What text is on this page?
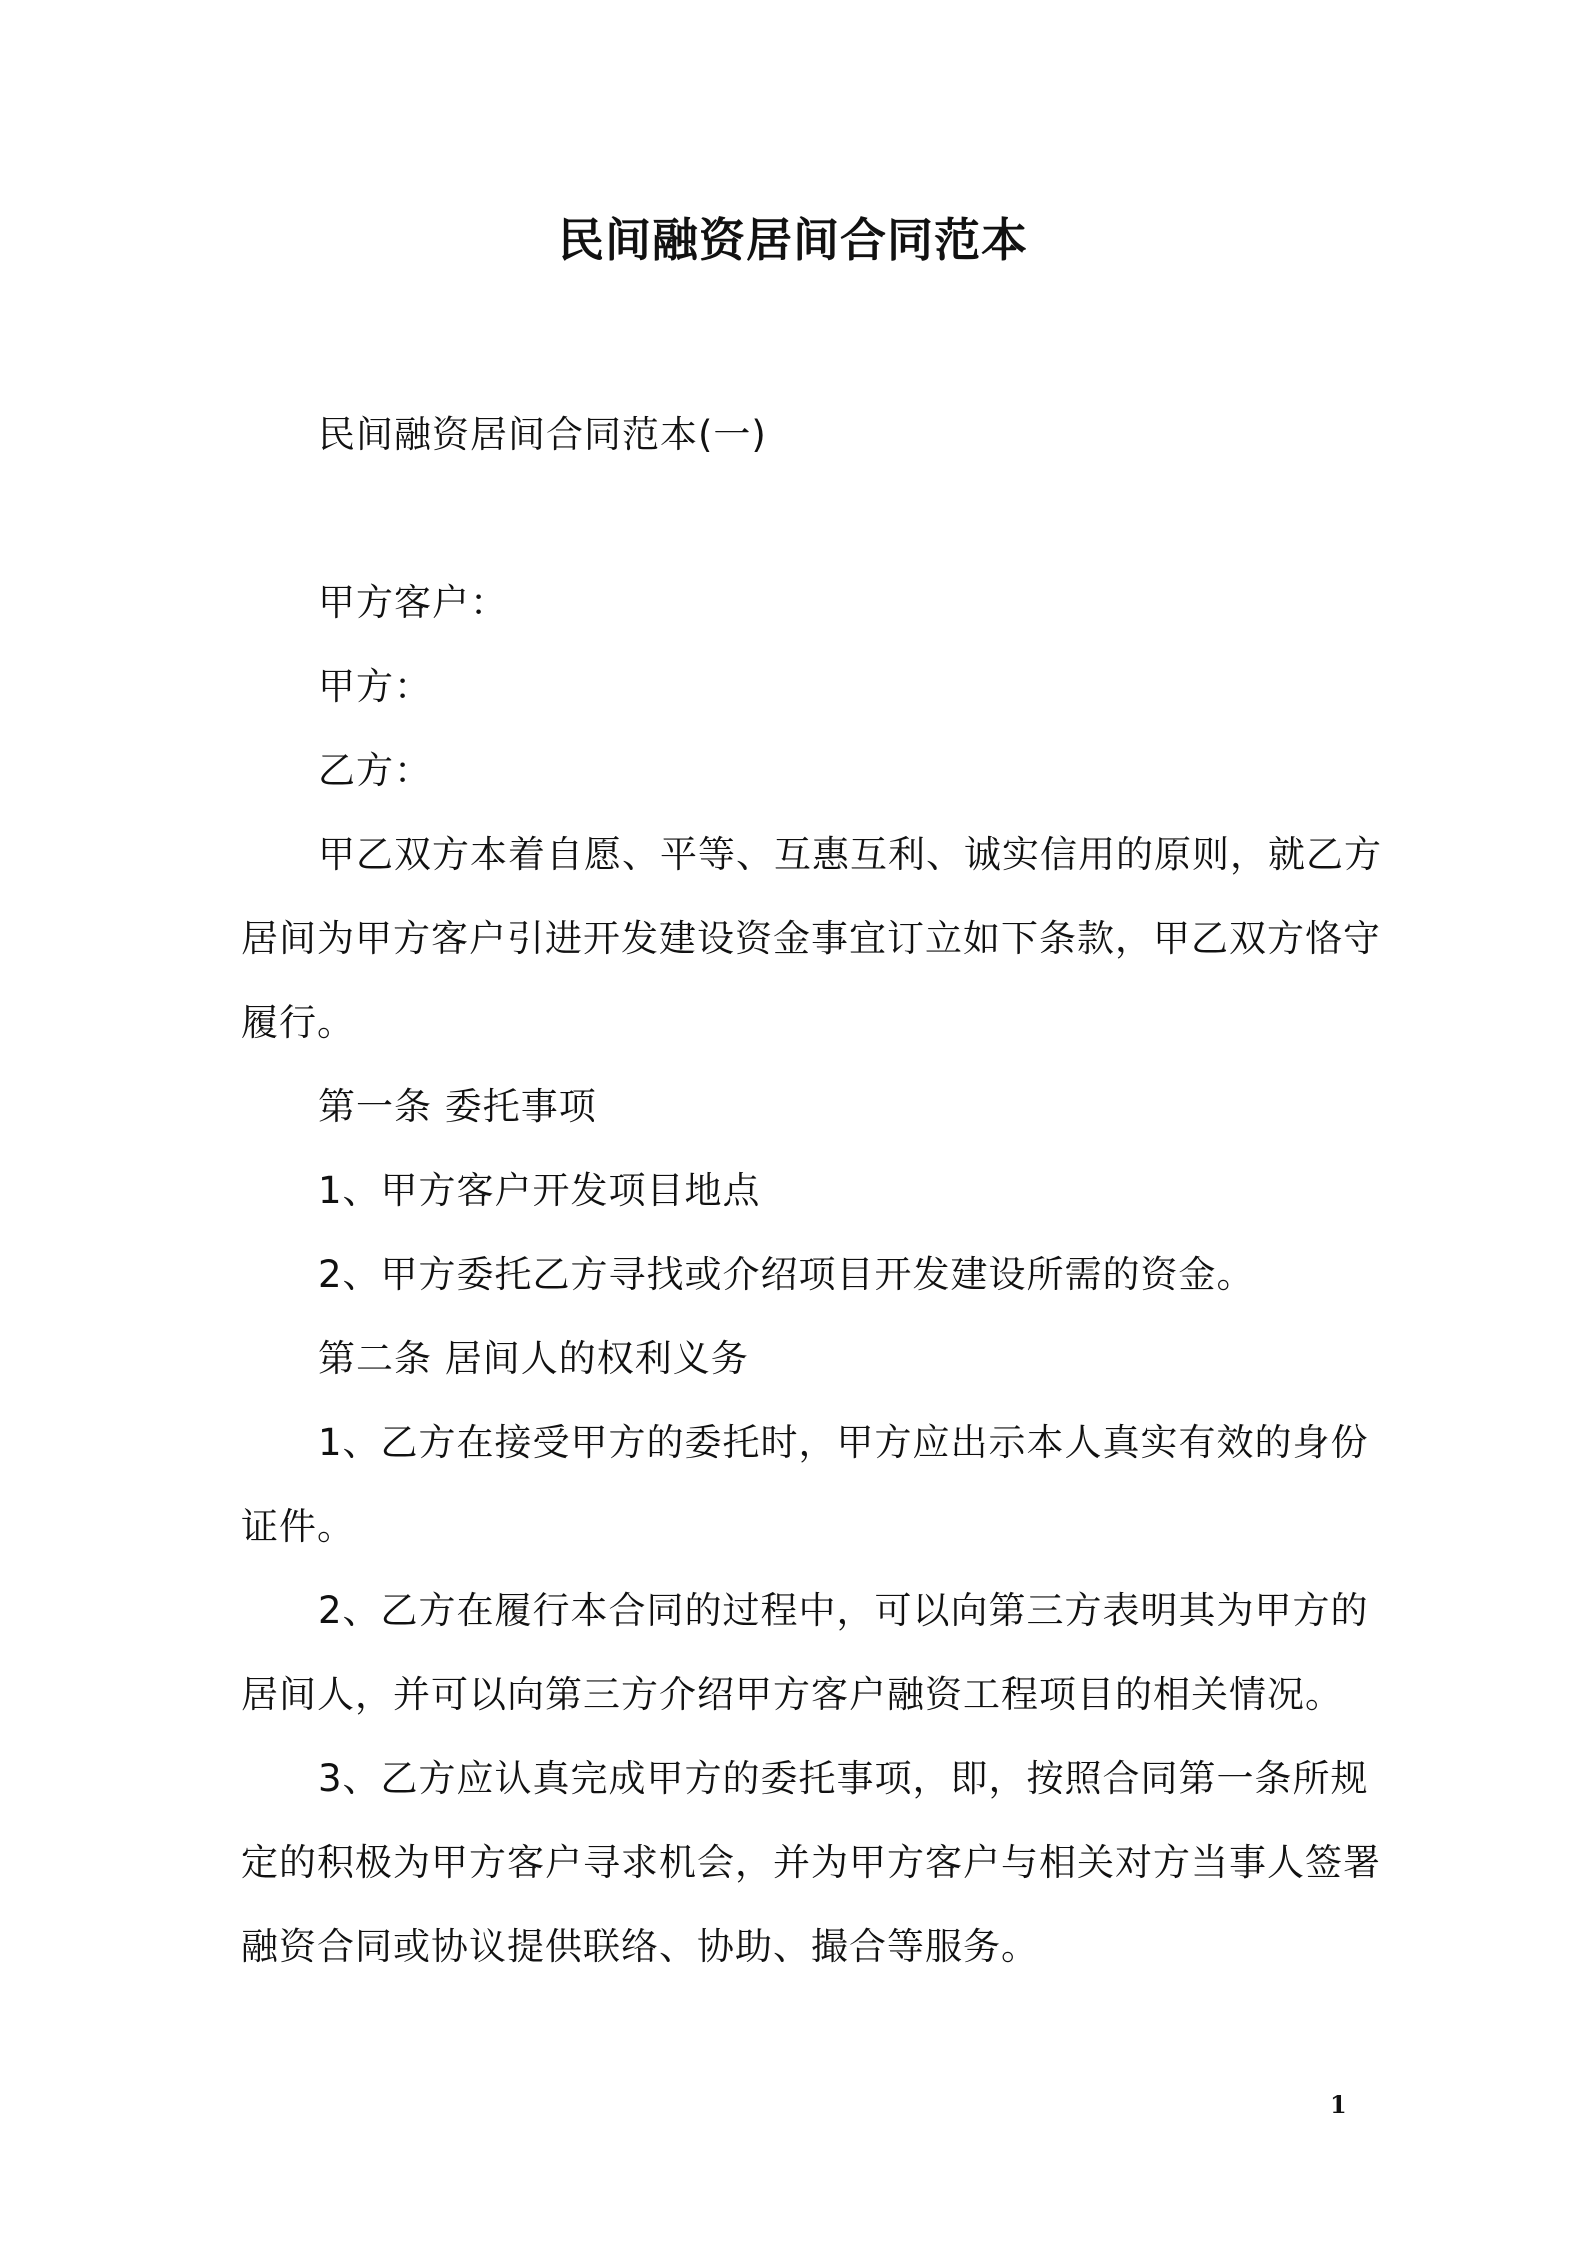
民间融资居间合同范本
民间融资居间合同范本(一)
甲方客户：
甲方：
乙方：
甲乙双方本着自愿、平等、互惠互利、诚实信用的原则，就乙方
居间为甲方客户引进开发建设资金事宜订立如下条款，甲乙双方恪守
履行。
第一条 委托事项
1、甲方客户开发项目地点
2、甲方委托乙方寻找或介绍项目开发建设所需的资金。
第二条 居间人的权利义务
1、乙方在接受甲方的委托时，甲方应出示本人真实有效的身份
证件。
2、乙方在履行本合同的过程中，可以向第三方表明其为甲方的
居间人，并可以向第三方介绍甲方客户融资工程项目的相关情况。
3、乙方应认真完成甲方的委托事项，即，按照合同第一条所规
定的积极为甲方客户寻求机会，并为甲方客户与相关对方当事人签署
融资合同或协议提供联络、协助、撮合等服务。
1
